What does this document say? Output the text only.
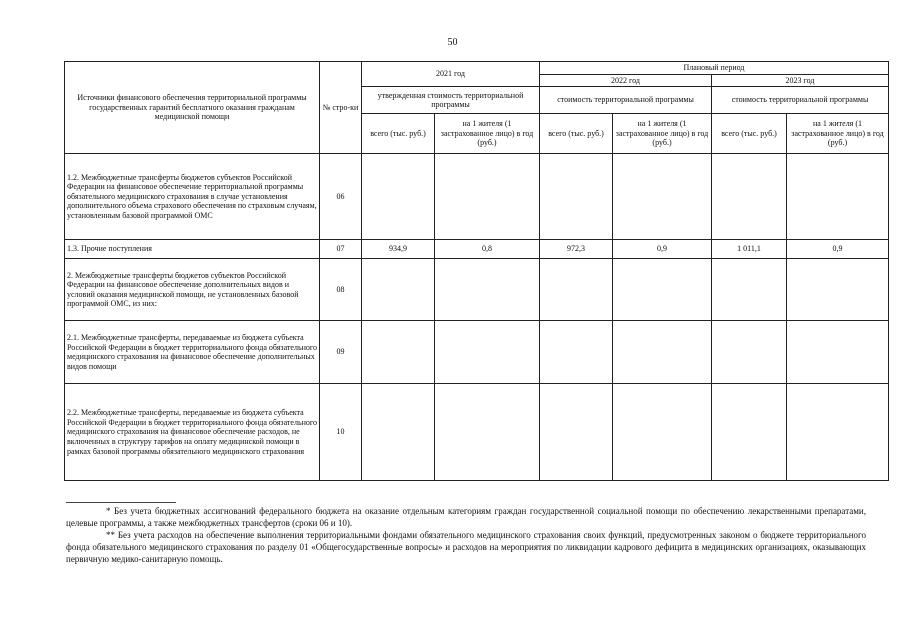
50
Источники финансового обеспечения территориальной программы государственных гарантий бесплатного оказания гражданам медицинской помощи	№ стро-ки	2021 год		Плановый период			
				2022 год		2023 год	
		утвержденная стоимость территориальной программы		стоимость территориальной программы		стоимость территориальной программы	
		всего (тыс. руб.)	на 1 жителя (1 застрахованное лицо) в год (руб.)	всего (тыс. руб.)	на 1 жителя (1 застрахованное лицо) в год (руб.)	всего (тыс. руб.)	на 1 жителя (1 застрахованное лицо) в год (руб.)
1.2. Межбюджетные трансферты бюджетов субъектов Российской Федерации на финансовое обеспечение территориальной программы обязательного медицинского страхования в случае установления дополнительного объема страхового обеспечения по страховым случаям, установленным базовой программой ОМС	06						
1.3. Прочие поступления	07	934,9	0,8	972,3	0,9	1 011,1	0,9
2. Межбюджетные трансферты бюджетов субъектов Российской Федерации на финансовое обеспечение дополнительных видов и условий оказания медицинской помощи, не установленных базовой программой ОМС, из них:	08						
2.1. Межбюджетные трансферты, передаваемые из бюджета субъекта Российской Федерации в бюджет территориального фонда обязательного медицинского страхования на финансовое обеспечение дополнительных видов помощи	09						
2.2. Межбюджетные трансферты, передаваемые из бюджета субъекта Российской Федерации в бюджет территориального фонда обязательного медицинского страхования на финансовое обеспечение расходов, не включенных в структуру тарифов на оплату медицинской помощи в рамках базовой программы обязательного медицинского страхования	10						

* Без учета бюджетных ассигнований федерального бюджета на оказание отдельным категориям граждан государственной социальной помощи по обеспечению лекарственными препаратами, целевые программы, а также межбюджетных трансфертов (сроки 06 и 10).

** Без учета расходов на обеспечение выполнения территориальными фондами обязательного медицинского страхования своих функций, предусмотренных законом о бюджете территориального фонда обязательного медицинского страхования по разделу 01 «Общегосударственные вопросы» и расходов на мероприятия по ликвидации кадрового дефицита в медицинских организациях, оказывающих первичную медико-санитарную помощь.
